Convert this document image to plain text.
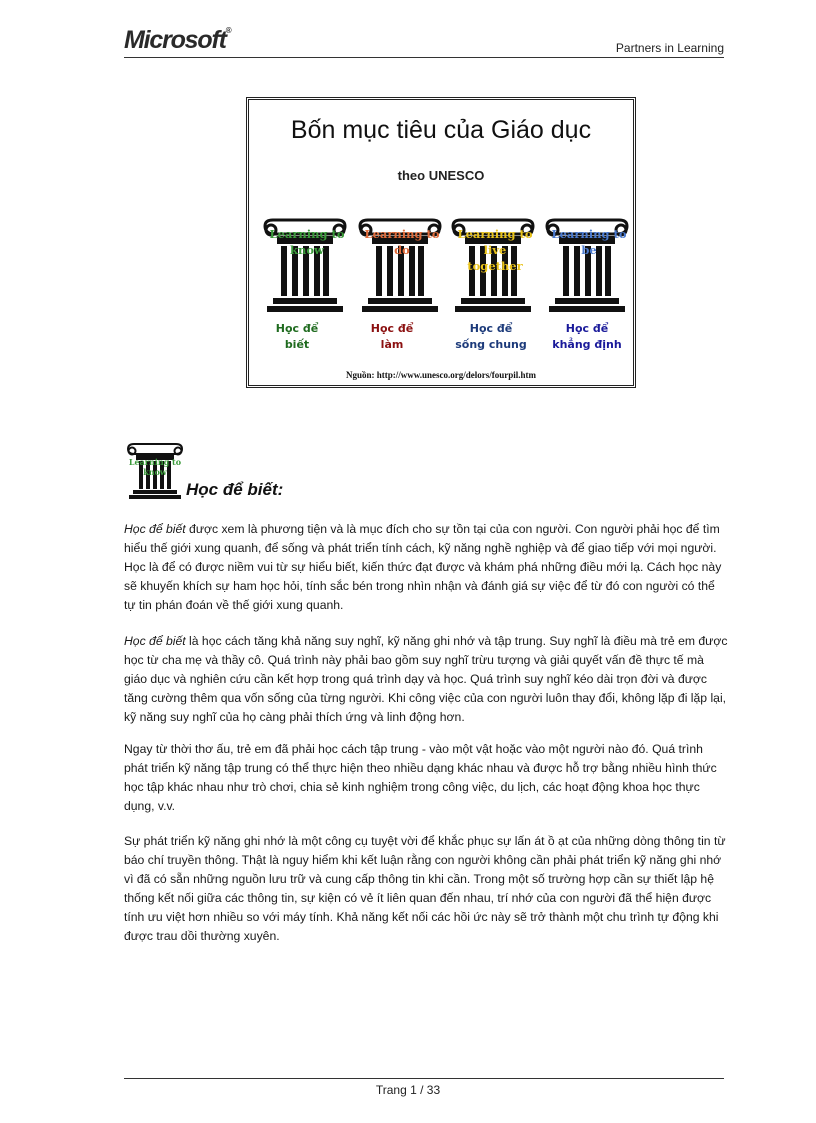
Microsoft®
Partners in Learning
Bốn mục tiêu của Giáo dục
theo UNESCO
Learning to
know
Learning to
do
Learning to
live
together
Learning to
be
Học để
biết
Học để
làm
Học để
sống chung
Học để
khẳng định
Nguồn: http://www.unesco.org/delors/fourpil.htm
Learning to
know
Học để biết:

Học để biết được xem là phương tiện và là mục đích cho sự tồn tại của con người. Con người phải học để tìm hiểu thế giới xung quanh, để sống và phát triển tính cách, kỹ năng nghề nghiệp và để giao tiếp với mọi người. Học là để có được niềm vui từ sự hiểu biết, kiến thức đạt được và khám phá những điều mới lạ. Cách học này sẽ khuyến khích sự ham học hỏi, tính sắc bén trong nhìn nhận và đánh giá sự việc để từ đó con người có thể tự tin phán đoán về thế giới xung quanh.

Học để biết là học cách tăng khả năng suy nghĩ, kỹ năng ghi nhớ và tập trung. Suy nghĩ là điều mà trẻ em được học từ cha mẹ và thầy cô. Quá trình này phải bao gồm suy nghĩ trừu tượng và giải quyết vấn đề thực tế mà giáo dục và nghiên cứu cần kết hợp trong quá trình dạy và học. Quá trình suy nghĩ kéo dài trọn đời và được tăng cường thêm qua vốn sống của từng người. Khi công việc của con người luôn thay đổi, không lặp đi lặp lại, kỹ năng suy nghĩ của họ càng phải thích ứng và linh động hơn.

Ngay từ thời thơ ấu, trẻ em đã phải học cách tập trung - vào một vật hoặc vào một người nào đó. Quá trình phát triển kỹ năng tập trung có thể thực hiện theo nhiều dạng khác nhau và được hỗ trợ bằng nhiều hình thức học tập khác nhau như trò chơi, chia sẻ kinh nghiệm trong công việc, du lịch, các hoạt động khoa học thực dụng, v.v.

Sự phát triển kỹ năng ghi nhớ là một công cụ tuyệt vời để khắc phục sự lấn át ồ ạt của những dòng thông tin từ báo chí truyền thông. Thật là nguy hiểm khi kết luận rằng con người không cần phải phát triển kỹ năng ghi nhớ vì đã có sẵn những nguồn lưu trữ và cung cấp thông tin khi cần. Trong một số trường hợp cần sự thiết lập hệ thống kết nối giữa các thông tin, sự kiện có vẻ ít liên quan đến nhau, trí nhớ của con người đã thể hiện được tính ưu việt hơn nhiều so với máy tính. Khả năng kết nối các hồi ức này sẽ trở thành một chu trình tự động khi được trau dồi thường xuyên.

Trang 1 / 33
